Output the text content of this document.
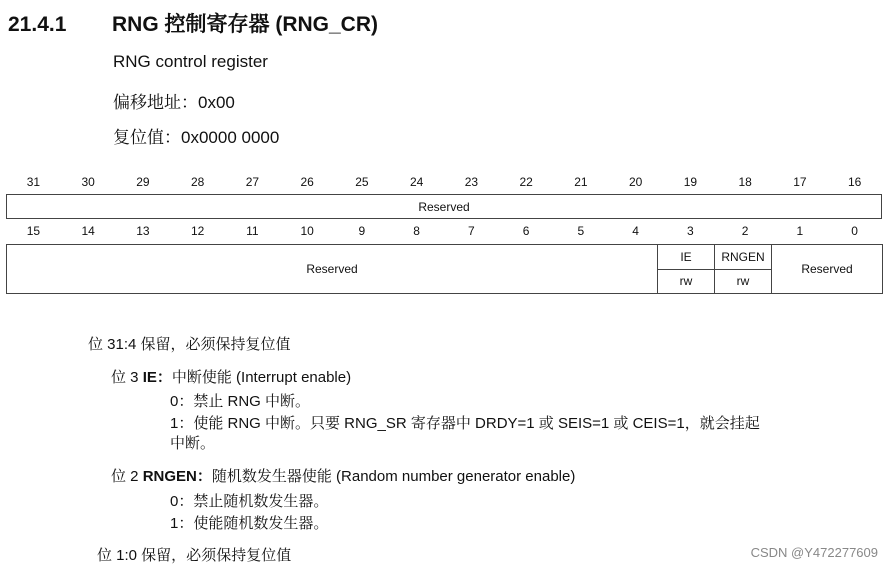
21.4.1 RNG 控制寄存器 (RNG_CR)
RNG control register
偏移地址：0x00
复位值：0x0000 0000
31	30	29	28	27	26	25	24	23	22	21	20	19	18	17	16
Reserved
15	14	13	12	11	10	9	8	7	6	5	4	3	2	1	0
Reserved	IE	RNGEN	Reserved
	rw	rw	
位 31:4 保留，必须保持复位值
位 3 IE：中断使能 (Interrupt enable)
0：禁止 RNG 中断。
1：使能 RNG 中断。只要 RNG_SR 寄存器中 DRDY=1 或 SEIS=1 或 CEIS=1，就会挂起
中断。
位 2 RNGEN：随机数发生器使能 (Random number generator enable)
0：禁止随机数发生器。
1：使能随机数发生器。
位 1:0 保留，必须保持复位值	CSDN @Y472277609
